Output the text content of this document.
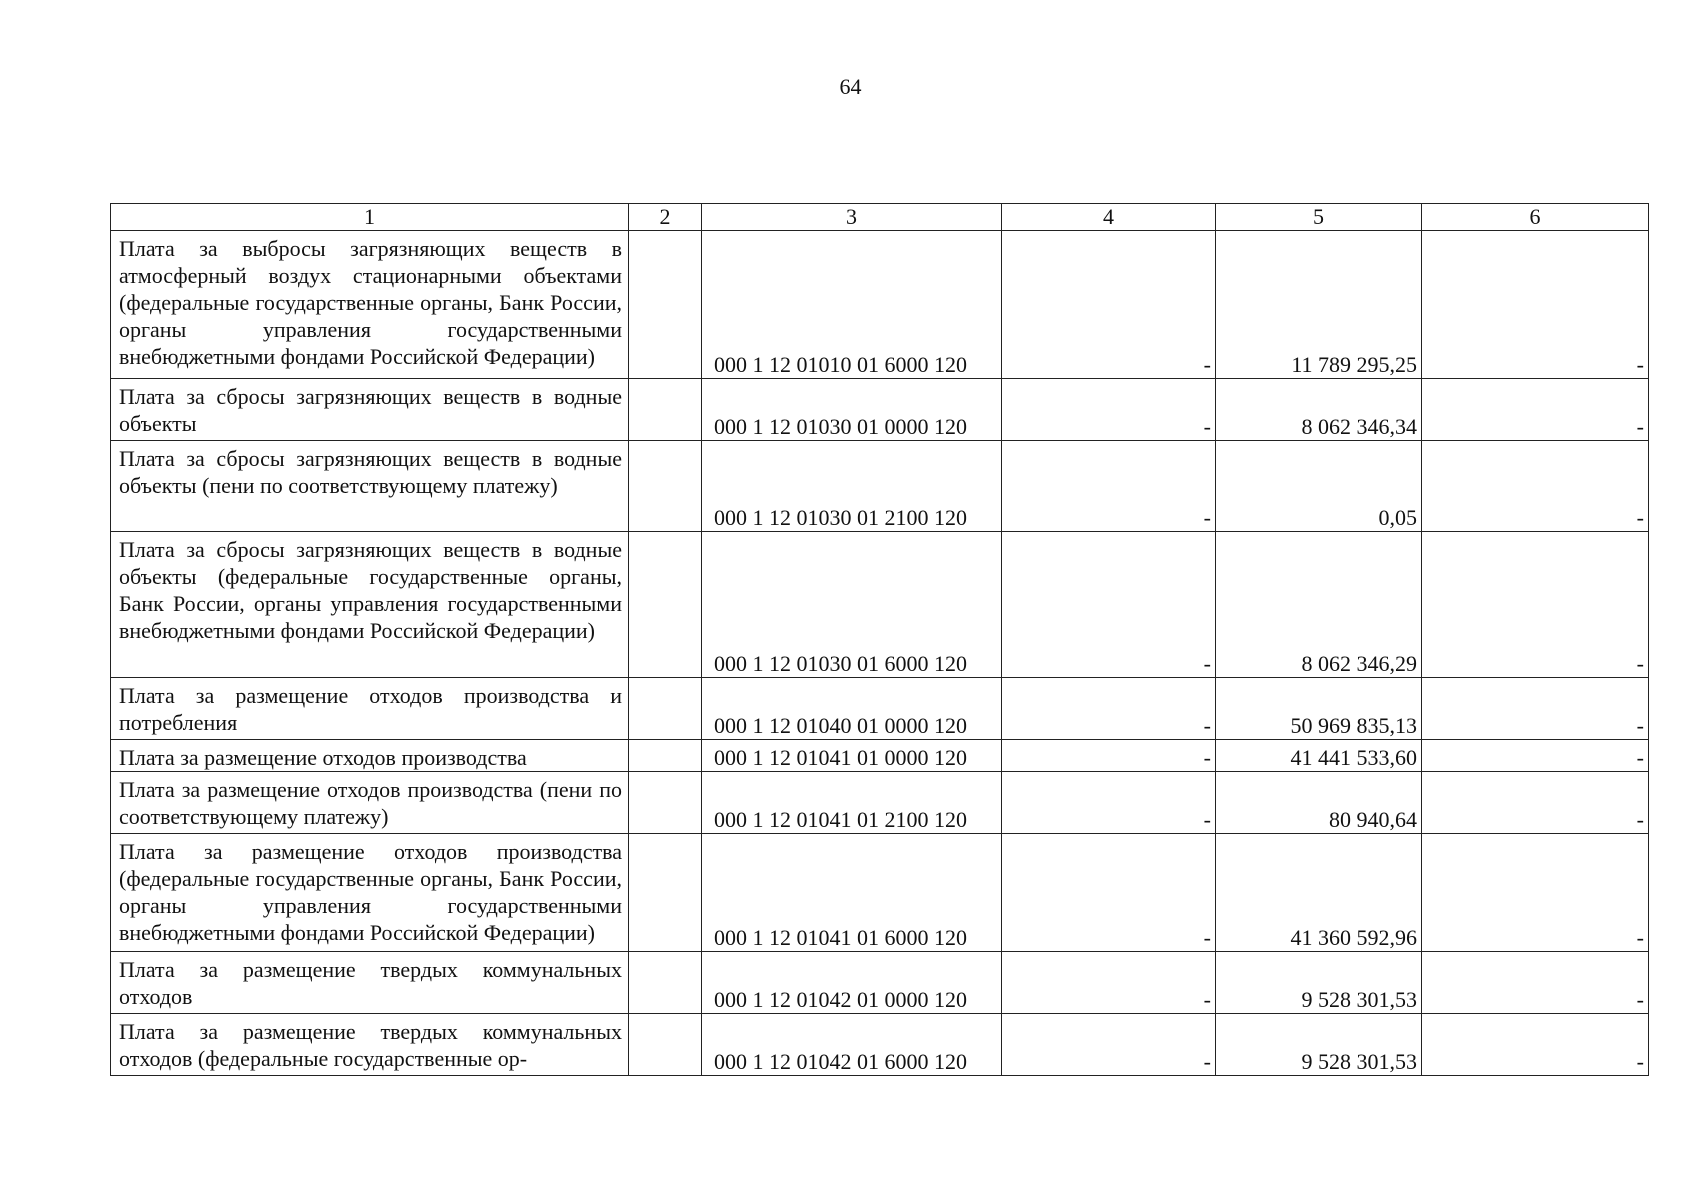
64
1	2	3	4	5	6
Плата за выбросы загрязняющих веществ в атмосферный воздух стационарными объектами (федеральные государственные органы, Банк России, органы управления государственными внебюджетными фондами Российской Федерации)		000 1 12 01010 01 6000 120	-	11 789 295,25	-
Плата за сбросы загрязняющих веществ в водные объекты		000 1 12 01030 01 0000 120	-	8 062 346,34	-
Плата за сбросы загрязняющих веществ в водные объекты (пени по соответствующему платежу)		000 1 12 01030 01 2100 120	-	0,05	-
Плата за сбросы загрязняющих веществ в водные объекты (федеральные государственные органы, Банк России, органы управления государственными внебюджетными фондами Российской Федерации)		000 1 12 01030 01 6000 120	-	8 062 346,29	-
Плата за размещение отходов производства и потребления		000 1 12 01040 01 0000 120	-	50 969 835,13	-
Плата за размещение отходов производства		000 1 12 01041 01 0000 120	-	41 441 533,60	-
Плата за размещение отходов производства (пени по соответствующему платежу)		000 1 12 01041 01 2100 120	-	80 940,64	-
Плата за размещение отходов производства (федеральные государственные органы, Банк России, органы управления государственными внебюджетными фондами Российской Федерации)		000 1 12 01041 01 6000 120	-	41 360 592,96	-
Плата за размещение твердых коммунальных отходов		000 1 12 01042 01 0000 120	-	9 528 301,53	-
Плата за размещение твердых коммунальных отходов (федеральные государственные ор-		000 1 12 01042 01 6000 120	-	9 528 301,53	-
